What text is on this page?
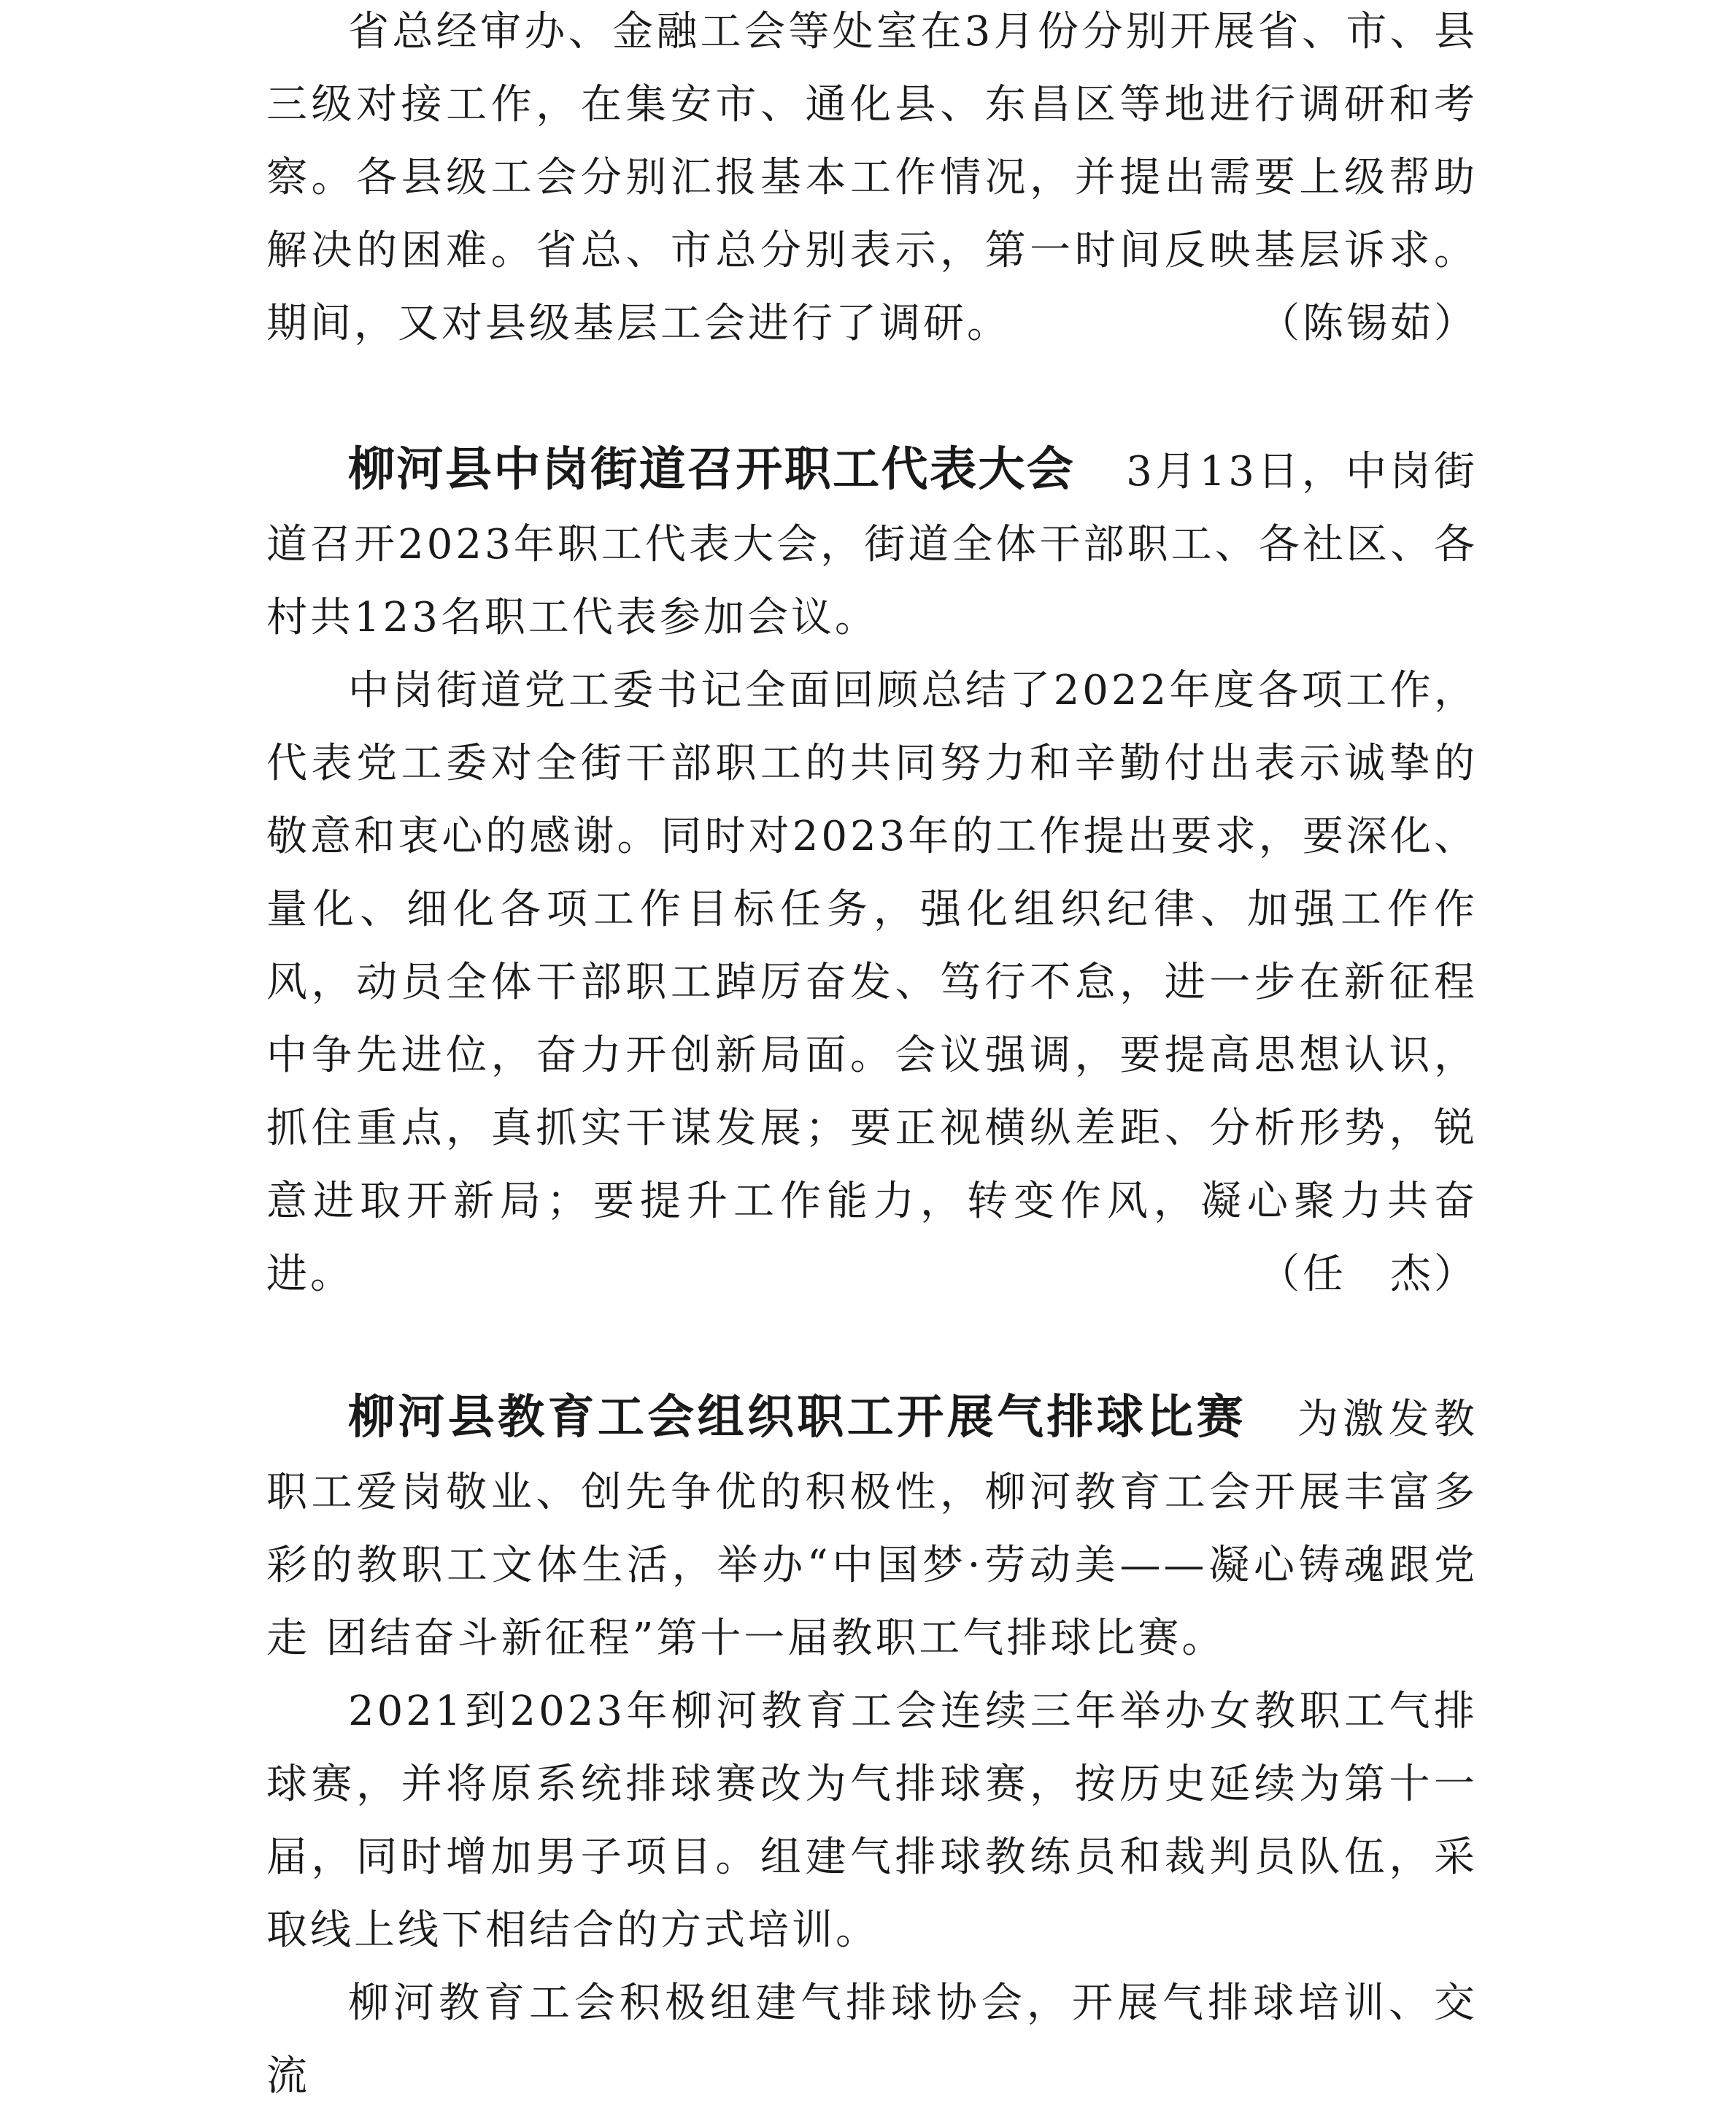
省总经审办、金融工会等处室在3月份分别开展省、市、县三级对接工作，在集安市、通化县、东昌区等地进行调研和考察。各县级工会分别汇报基本工作情况，并提出需要上级帮助解决的困难。省总、市总分别表示，第一时间反映基层诉求。期间，又对县级基层工会进行了调研。	（陈锡茹）

柳河县中岗街道召开职工代表大会 3月13日，中岗街道召开2023年职工代表大会，街道全体干部职工、各社区、各村共123名职工代表参加会议。

中岗街道党工委书记全面回顾总结了2022年度各项工作，代表党工委对全街干部职工的共同努力和辛勤付出表示诚挚的敬意和衷心的感谢。同时对2023年的工作提出要求，要深化、量化、细化各项工作目标任务，强化组织纪律、加强工作作风，动员全体干部职工踔厉奋发、笃行不怠，进一步在新征程中争先进位，奋力开创新局面。会议强调，要提高思想认识，抓住重点，真抓实干谋发展；要正视横纵差距、分析形势，锐意进取开新局；要提升工作能力，转变作风，凝心聚力共奋进。	（任　杰）

柳河县教育工会组织职工开展气排球比赛 为激发教职工爱岗敬业、创先争优的积极性，柳河教育工会开展丰富多彩的教职工文体生活，举办“中国梦·劳动美——凝心铸魂跟党走 团结奋斗新征程”第十一届教职工气排球比赛。

2021到2023年柳河教育工会连续三年举办女教职工气排球赛，并将原系统排球赛改为气排球赛，按历史延续为第十一届，同时增加男子项目。组建气排球教练员和裁判员队伍，采取线上线下相结合的方式培训。

柳河教育工会积极组建气排球协会，开展气排球培训、交流
